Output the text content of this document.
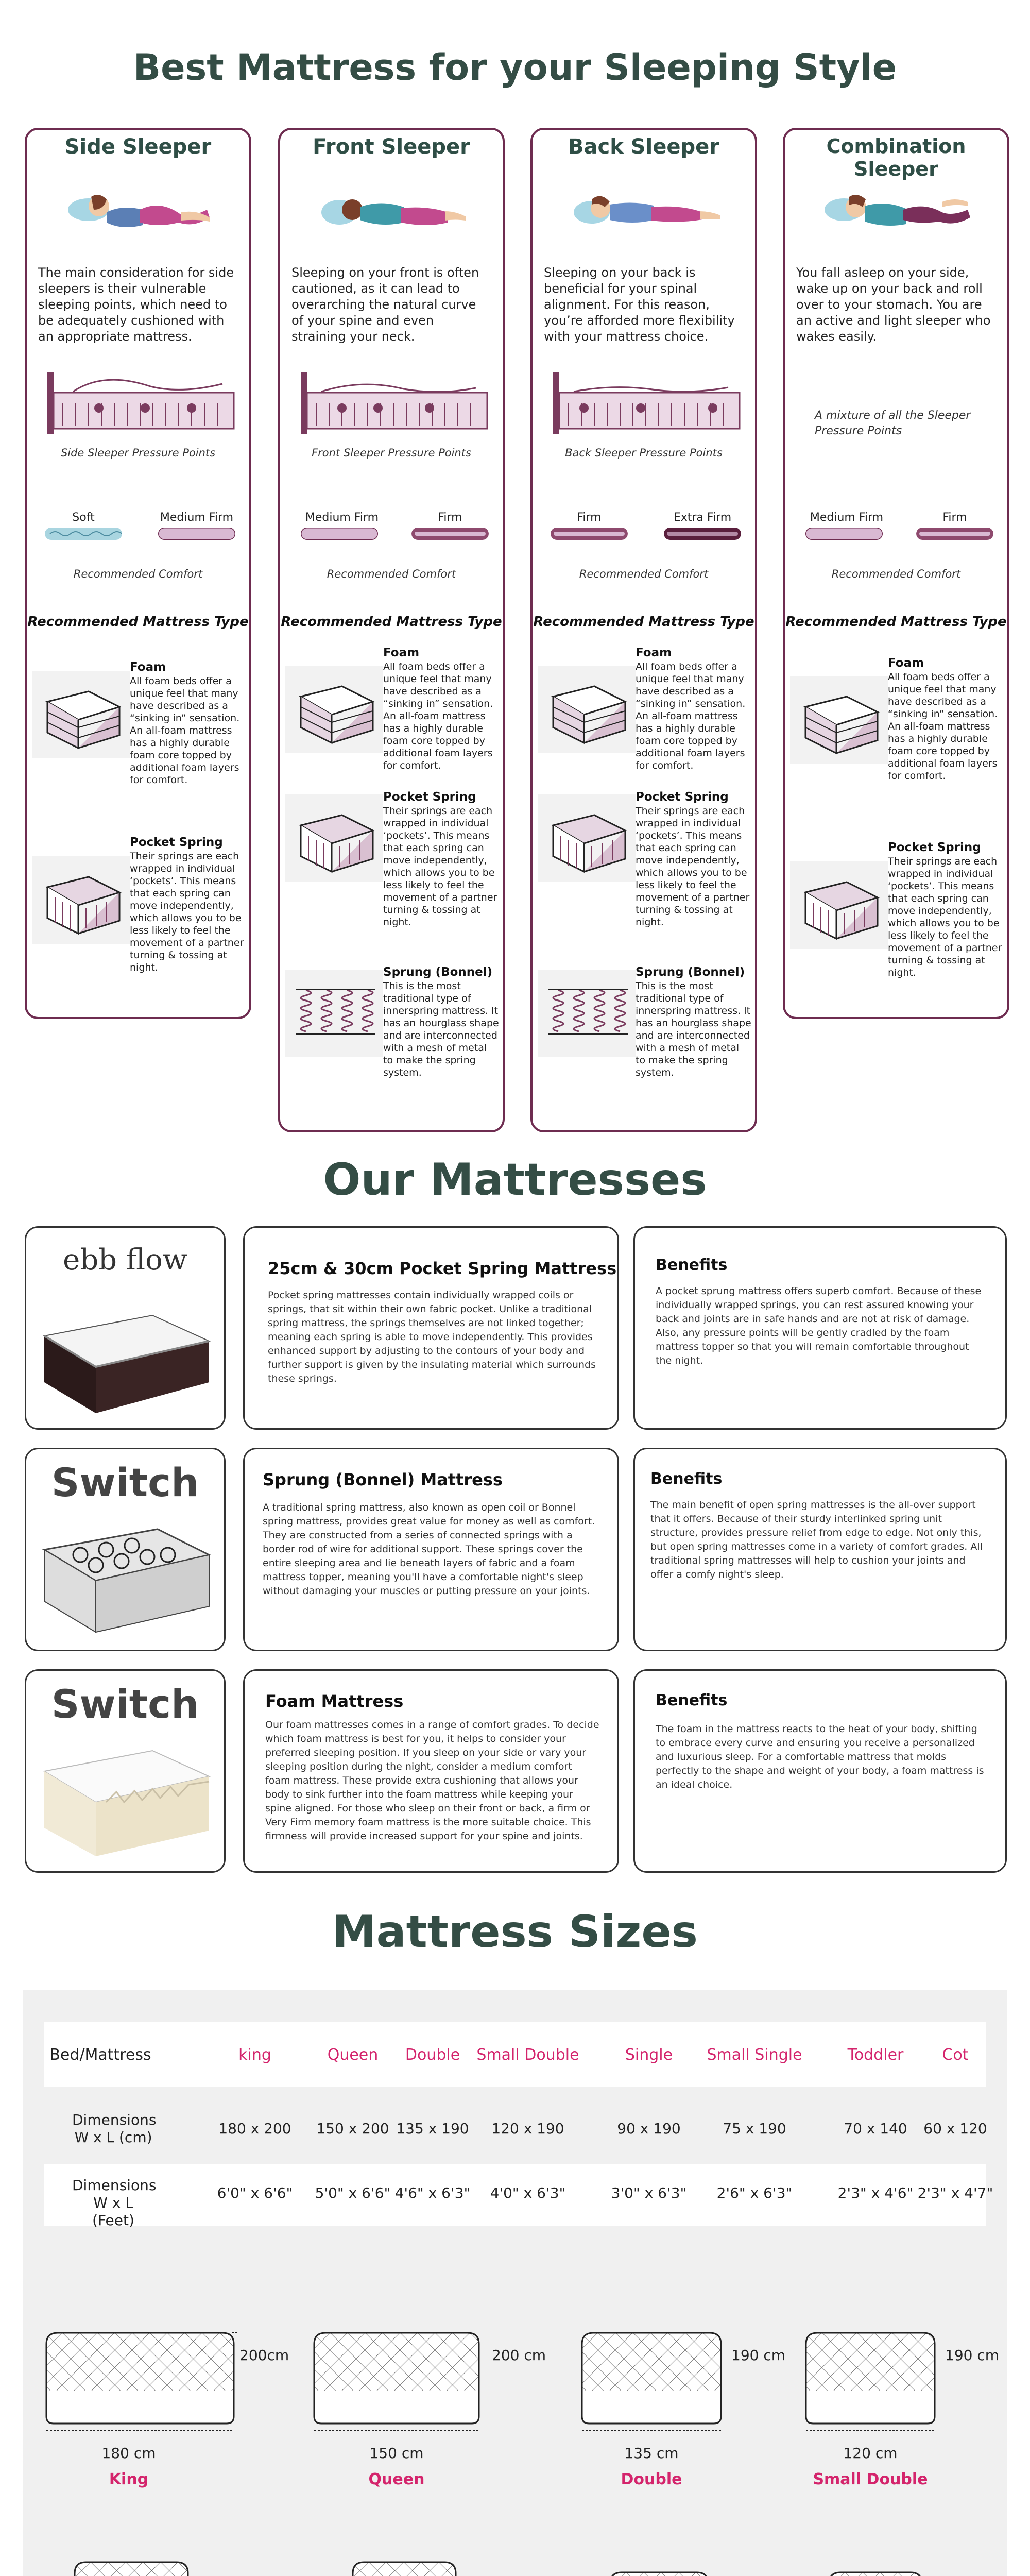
Best Mattress for your Sleeping Style
Side Sleeper
The main consideration for side sleepers is their vulnerable sleeping points, which need to be adequately cushioned with an appropriate mattress.
Side Sleeper Pressure Points
Soft	Medium Firm
Recommended Comfort
Recommended Mattress Type
Foam
All foam beds offer a unique feel that many have described as a “sinking in” sensation. An all-foam mattress has a highly durable foam core topped by additional foam layers for comfort.
Pocket Spring
Their springs are each wrapped in individual ‘pockets’. This means that each spring can move independently, which allows you to be less likely to feel the movement of a partner turning & tossing at night.
Front Sleeper
Sleeping on your front is often cautioned, as it can lead to overarching the natural curve of your spine and even straining your neck.
Front Sleeper Pressure Points
Medium Firm	Firm
Recommended Comfort
Recommended Mattress Type
Foam
All foam beds offer a unique feel that many have described as a “sinking in” sensation. An all-foam mattress has a highly durable foam core topped by additional foam layers for comfort.
Pocket Spring
Their springs are each wrapped in individual ‘pockets’. This means that each spring can move independently, which allows you to be less likely to feel the movement of a partner turning & tossing at night.
Sprung (Bonnel)
This is the most traditional type of innerspring mattress. It has an hourglass shape and are interconnected with a mesh of metal to make the spring system.
Back Sleeper
Sleeping on your back is beneficial for your spinal alignment. For this reason, you’re afforded more flexibility with your mattress choice.
Back Sleeper Pressure Points
Firm	Extra Firm
Recommended Comfort
Recommended Mattress Type
Foam
All foam beds offer a unique feel that many have described as a “sinking in” sensation. An all-foam mattress has a highly durable foam core topped by additional foam layers for comfort.
Pocket Spring
Their springs are each wrapped in individual ‘pockets’. This means that each spring can move independently, which allows you to be less likely to feel the movement of a partner turning & tossing at night.
Sprung (Bonnel)
This is the most traditional type of innerspring mattress. It has an hourglass shape and are interconnected with a mesh of metal to make the spring system.
Combination Sleeper
You fall asleep on your side, wake up on your back and roll over to your stomach. You are an active and light sleeper who wakes easily.
A mixture of all the Sleeper Pressure Points
Medium Firm	Firm
Recommended Comfort
Recommended Mattress Type
Foam
All foam beds offer a unique feel that many have described as a “sinking in” sensation. An all-foam mattress has a highly durable foam core topped by additional foam layers for comfort.
Pocket Spring
Their springs are each wrapped in individual ‘pockets’. This means that each spring can move independently, which allows you to be less likely to feel the movement of a partner turning & tossing at night.
Our Mattresses
ebb flow	25cm & 30cm Pocket Spring Mattress
Pocket spring mattresses contain individually wrapped coils or springs, that sit within their own fabric pocket. Unlike a traditional spring mattress, the springs themselves are not linked together; meaning each spring is able to move independently. This provides enhanced support by adjusting to the contours of your body and further support is given by the insulating material which surrounds these springs.
Benefits
A pocket sprung mattress offers superb comfort. Because of these individually wrapped springs, you can rest assured knowing your back and joints are in safe hands and are not at risk of damage. Also, any pressure points will be gently cradled by the foam mattress topper so that you will remain comfortable throughout the night.
Switch	Sprung (Bonnel) Mattress
A traditional spring mattress, also known as open coil or Bonnel spring mattress, provides great value for money as well as comfort. They are constructed from a series of connected springs with a border rod of wire for additional support. These springs cover the entire sleeping area and lie beneath layers of fabric and a foam mattress topper, meaning you'll have a comfortable night's sleep without damaging your muscles or putting pressure on your joints.
Benefits
The main benefit of open spring mattresses is the all-over support that it offers. Because of their sturdy interlinked spring unit structure, provides pressure relief from edge to edge. Not only this, but open spring mattresses come in a variety of comfort grades. All traditional spring mattresses will help to cushion your joints and offer a comfy night's sleep.
Switch	Foam Mattress
Our foam mattresses comes in a range of comfort grades. To decide which foam mattress is best for you, it helps to consider your preferred sleeping position. If you sleep on your side or vary your sleeping position during the night, consider a medium comfort foam mattress. These provide extra cushioning that allows your body to sink further into the foam mattress while keeping your spine aligned. For those who sleep on their front or back, a firm or Very Firm memory foam mattress is the more suitable choice. This firmness will provide increased support for your spine and joints.
Benefits
The foam in the mattress reacts to the heat of your body, shifting to embrace every curve and ensuring you receive a personalized and luxurious sleep. For a comfortable mattress that molds perfectly to the shape and weight of your body, a foam mattress is an ideal choice.
Mattress Sizes
Bed/Mattress	king	Queen	Double	Small Double	Single	Small Single	Toddler	Cot
Dimensions W x L (cm)
180 x 200	150 x 200 135 x 190	120 x 190	90 x 190	75 x 190	70 x 140	60 x 120
Dimensions W x L (Feet)
6'0" x 6'6"	5'0" x 6'6" 4'6" x 6'3"	4'0" x 6'3"	3'0" x 6'3"	2'6" x 6'3"	2'3" x 4'6" 2'3" x 4'7"
200cm
180 cm
King
200 cm
150 cm
Queen
190 cm
135 cm
Double
190 cm
120 cm
Small Double
